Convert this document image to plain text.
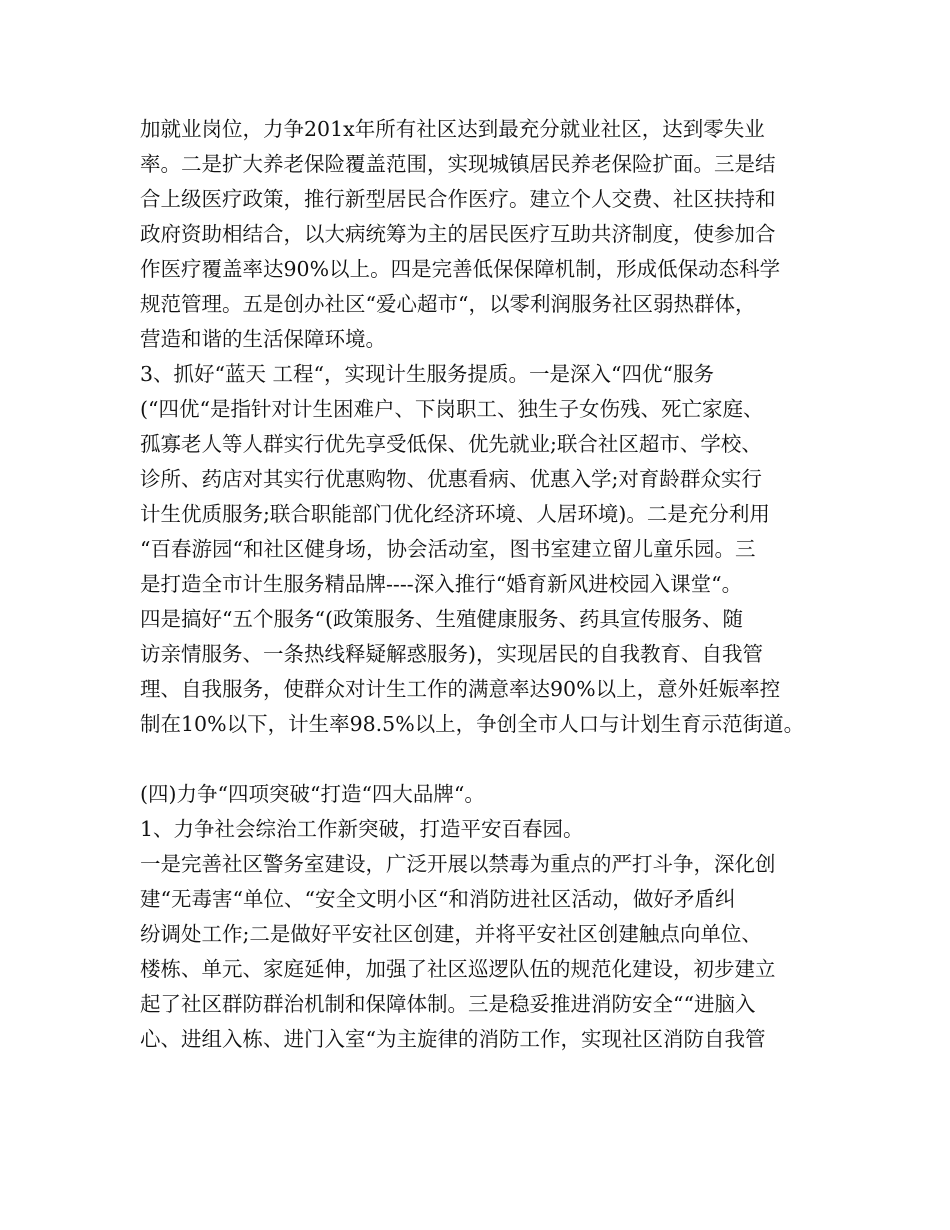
加就业岗位，力争201x年所有社区达到最充分就业社区，达到零失业
率。二是扩大养老保险覆盖范围，实现城镇居民养老保险扩面。三是结
合上级医疗政策，推行新型居民合作医疗。建立个人交费、社区扶持和
政府资助相结合，以大病统筹为主的居民医疗互助共济制度，使参加合
作医疗覆盖率达90%以上。四是完善低保保障机制，形成低保动态科学
规范管理。五是创办社区“爱心超市“，以零利润服务社区弱热群体，
营造和谐的生活保障环境。
3、抓好“蓝天 工程“，实现计生服务提质。一是深入“四优“服务
(“四优“是指针对计生困难户、下岗职工、独生子女伤残、死亡家庭、
孤寡老人等人群实行优先享受低保、优先就业;联合社区超市、学校、
诊所、药店对其实行优惠购物、优惠看病、优惠入学;对育龄群众实行
计生优质服务;联合职能部门优化经济环境、人居环境)。二是充分利用
“百春游园“和社区健身场，协会活动室，图书室建立留儿童乐园。三
是打造全市计生服务精品牌----深入推行“婚育新风进校园入课堂“。
四是搞好“五个服务“(政策服务、生殖健康服务、药具宣传服务、随
访亲情服务、一条热线释疑解惑服务)，实现居民的自我教育、自我管
理、自我服务，使群众对计生工作的满意率达90%以上，意外妊娠率控
制在10%以下，计生率98.5%以上，争创全市人口与计划生育示范街道。
(四)力争“四项突破“打造“四大品牌“。
1、力争社会综治工作新突破，打造平安百春园。
一是完善社区警务室建设，广泛开展以禁毒为重点的严打斗争，深化创
建“无毒害“单位、“安全文明小区“和消防进社区活动，做好矛盾纠
纷调处工作;二是做好平安社区创建，并将平安社区创建触点向单位、
楼栋、单元、家庭延伸，加强了社区巡逻队伍的规范化建设，初步建立
起了社区群防群治机制和保障体制。三是稳妥推进消防安全““进脑入
心、进组入栋、进门入室“为主旋律的消防工作，实现社区消防自我管
